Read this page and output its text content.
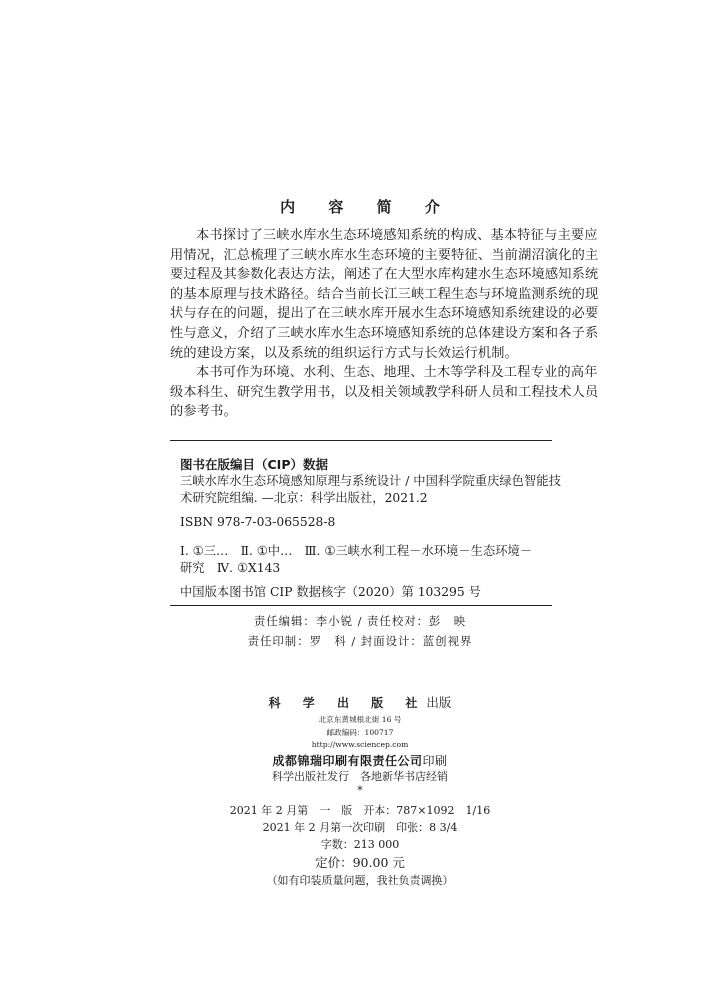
内 容 简 介
本书探讨了三峡水库水生态环境感知系统的构成、基本特征与主要应
用情况，汇总梳理了三峡水库水生态环境的主要特征、当前湖沼演化的主
要过程及其参数化表达方法，阐述了在大型水库构建水生态环境感知系统
的基本原理与技术路径。结合当前长江三峡工程生态与环境监测系统的现
状与存在的问题，提出了在三峡水库开展水生态环境感知系统建设的必要
性与意义，介绍了三峡水库水生态环境感知系统的总体建设方案和各子系
统的建设方案，以及系统的组织运行方式与长效运行机制。
本书可作为环境、水利、生态、地理、土木等学科及工程专业的高年
级本科生、研究生教学用书，以及相关领域教学科研人员和工程技术人员
的参考书。
图书在版编目（CIP）数据
三峡水库水生态环境感知原理与系统设计 / 中国科学院重庆绿色智能技
术研究院组编. —北京：科学出版社，2021.2
ISBN 978-7-03-065528-8
Ⅰ. ①三…　Ⅱ. ①中…　Ⅲ. ①三峡水利工程－水环境－生态环境－
研究　Ⅳ. ①X143
中国版本图书馆 CIP 数据核字（2020）第 103295 号
责任编辑：李小锐 / 责任校对：彭　映
责任印制：罗　科 / 封面设计：蓝创视界
科 学 出 版 社出版
北京东黄城根北街 16 号
邮政编码：100717
http://www.sciencep.com
成都锦瑞印刷有限责任公司印刷
科学出版社发行　各地新华书店经销
*
2021 年 2 月第　一　版　开本：787×1092　1/16
2021 年 2 月第一次印刷　印张：8 3/4
字数：213 000
定价：90.00 元
（如有印装质量问题，我社负责调换）
